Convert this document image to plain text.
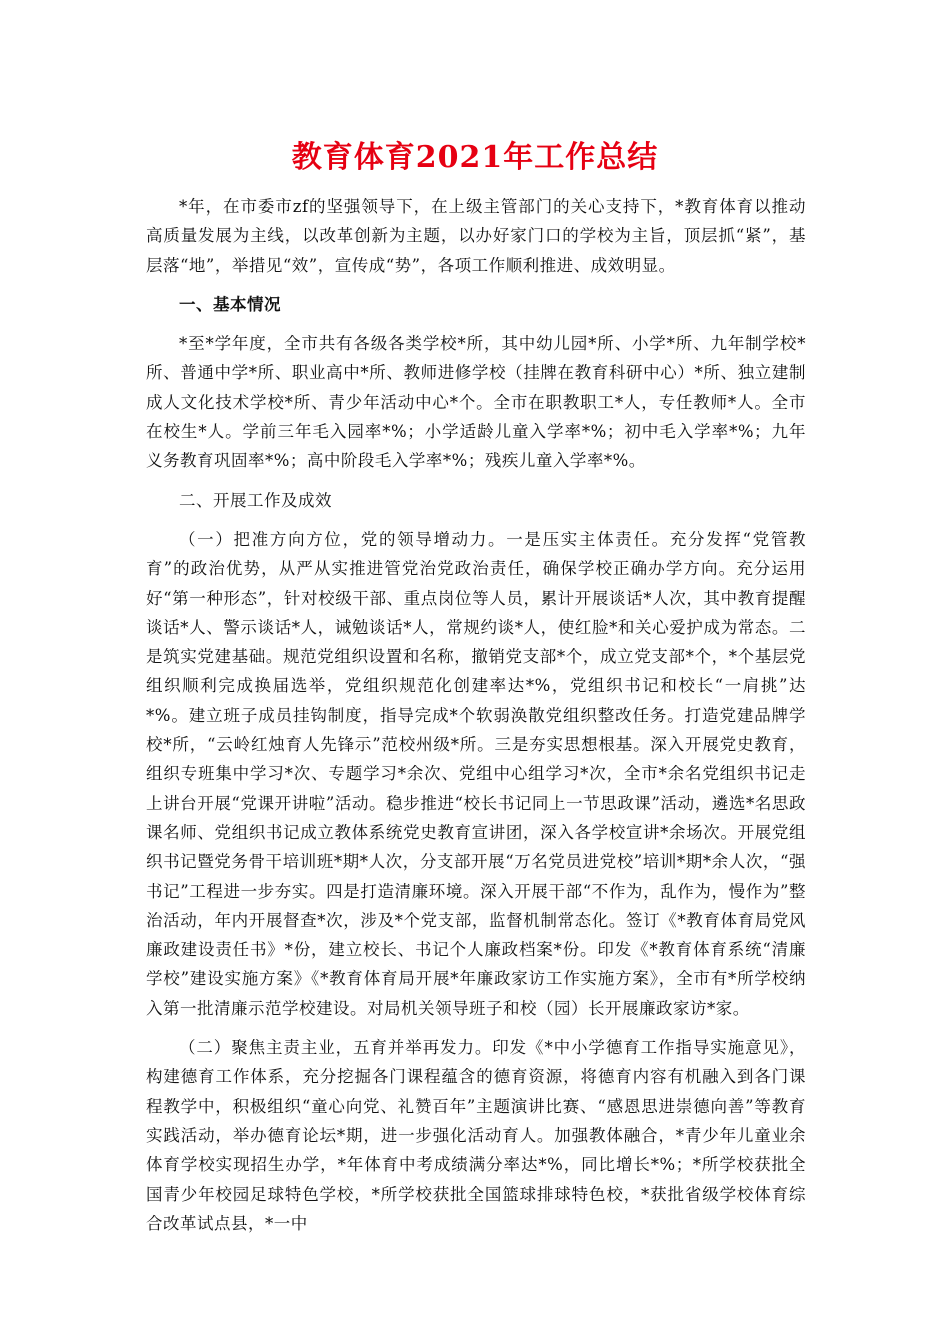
教育体育2021年工作总结

*年，在市委市zf的坚强领导下，在上级主管部门的关心支持下，*教育体育以推动高质量发展为主线，以改革创新为主题，以办好家门口的学校为主旨，顶层抓“紧”，基层落“地”，举措见“效”，宣传成“势”，各项工作顺利推进、成效明显。

一、基本情况

*至*学年度，全市共有各级各类学校*所，其中幼儿园*所、小学*所、九年制学校*所、普通中学*所、职业高中*所、教师进修学校（挂牌在教育科研中心）*所、独立建制成人文化技术学校*所、青少年活动中心*个。全市在职教职工*人，专任教师*人。全市在校生*人。学前三年毛入园率*%；小学适龄儿童入学率*%；初中毛入学率*%；九年义务教育巩固率*%；高中阶段毛入学率*%；残疾儿童入学率*%。

二、开展工作及成效

（一）把准方向方位，党的领导增动力。一是压实主体责任。充分发挥“党管教育”的政治优势，从严从实推进管党治党政治责任，确保学校正确办学方向。充分运用好“第一种形态”，针对校级干部、重点岗位等人员，累计开展谈话*人次，其中教育提醒谈话*人、警示谈话*人，诫勉谈话*人，常规约谈*人，使红脸*和关心爱护成为常态。二是筑实党建基础。规范党组织设置和名称，撤销党支部*个，成立党支部*个，*个基层党组织顺利完成换届选举，党组织规范化创建率达*%，党组织书记和校长“一肩挑”达*%。建立班子成员挂钩制度，指导完成*个软弱涣散党组织整改任务。打造党建品牌学校*所，“云岭红烛育人先锋示”范校州级*所。三是夯实思想根基。深入开展党史教育，组织专班集中学习*次、专题学习*余次、党组中心组学习*次，全市*余名党组织书记走上讲台开展“党课开讲啦”活动。稳步推进“校长书记同上一节思政课”活动，遴选*名思政课名师、党组织书记成立教体系统党史教育宣讲团，深入各学校宣讲*余场次。开展党组织书记暨党务骨干培训班*期*人次，分支部开展“万名党员进党校”培训*期*余人次，“强书记”工程进一步夯实。四是打造清廉环境。深入开展干部“不作为，乱作为，慢作为”整治活动，年内开展督查*次，涉及*个党支部，监督机制常态化。签订《*教育体育局党风廉政建设责任书》*份，建立校长、书记个人廉政档案*份。印发《*教育体育系统“清廉学校”建设实施方案》《*教育体育局开展*年廉政家访工作实施方案》，全市有*所学校纳入第一批清廉示范学校建设。对局机关领导班子和校（园）长开展廉政家访*家。

（二）聚焦主责主业，五育并举再发力。印发《*中小学德育工作指导实施意见》，构建德育工作体系，充分挖掘各门课程蕴含的德育资源，将德育内容有机融入到各门课程教学中，积极组织“童心向党、礼赞百年”主题演讲比赛、“感恩思进崇德向善”等教育实践活动，举办德育论坛*期，进一步强化活动育人。加强教体融合，*青少年儿童业余体育学校实现招生办学，*年体育中考成绩满分率达*%，同比增长*%；*所学校获批全国青少年校园足球特色学校，*所学校获批全国篮球排球特色校，*获批省级学校体育综合改革试点县，*一中
